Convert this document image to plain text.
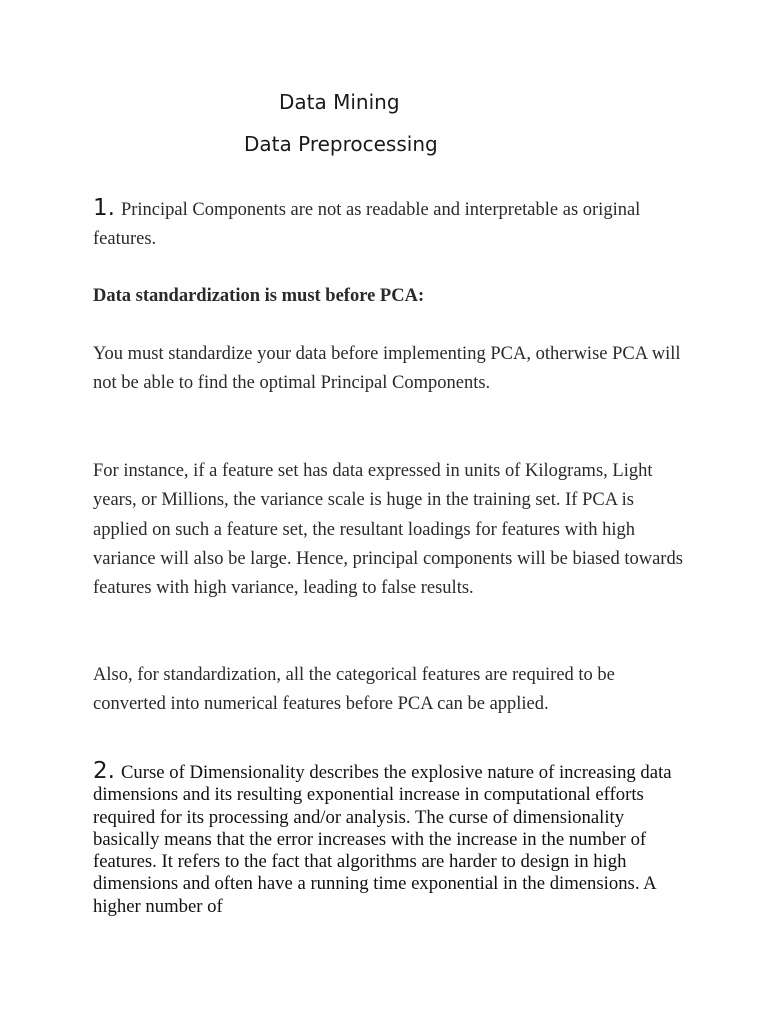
Data Mining
Data Preprocessing

1. Principal Components are not as readable and interpretable as original features.

Data standardization is must before PCA:

You must standardize your data before implementing PCA, otherwise PCA will not be able to find the optimal Principal Components.

For instance, if a feature set has data expressed in units of Kilograms, Light years, or Millions, the variance scale is huge in the training set. If PCA is applied on such a feature set, the resultant loadings for features with high variance will also be large. Hence, principal components will be biased towards features with high variance, leading to false results.

Also, for standardization, all the categorical features are required to be converted into numerical features before PCA can be applied.

2. Curse of Dimensionality describes the explosive nature of increasing data dimensions and its resulting exponential increase in computational efforts required for its processing and/or analysis. The curse of dimensionality basically means that the error increases with the increase in the number of features. It refers to the fact that algorithms are harder to design in high dimensions and often have a running time exponential in the dimensions. A higher number of
